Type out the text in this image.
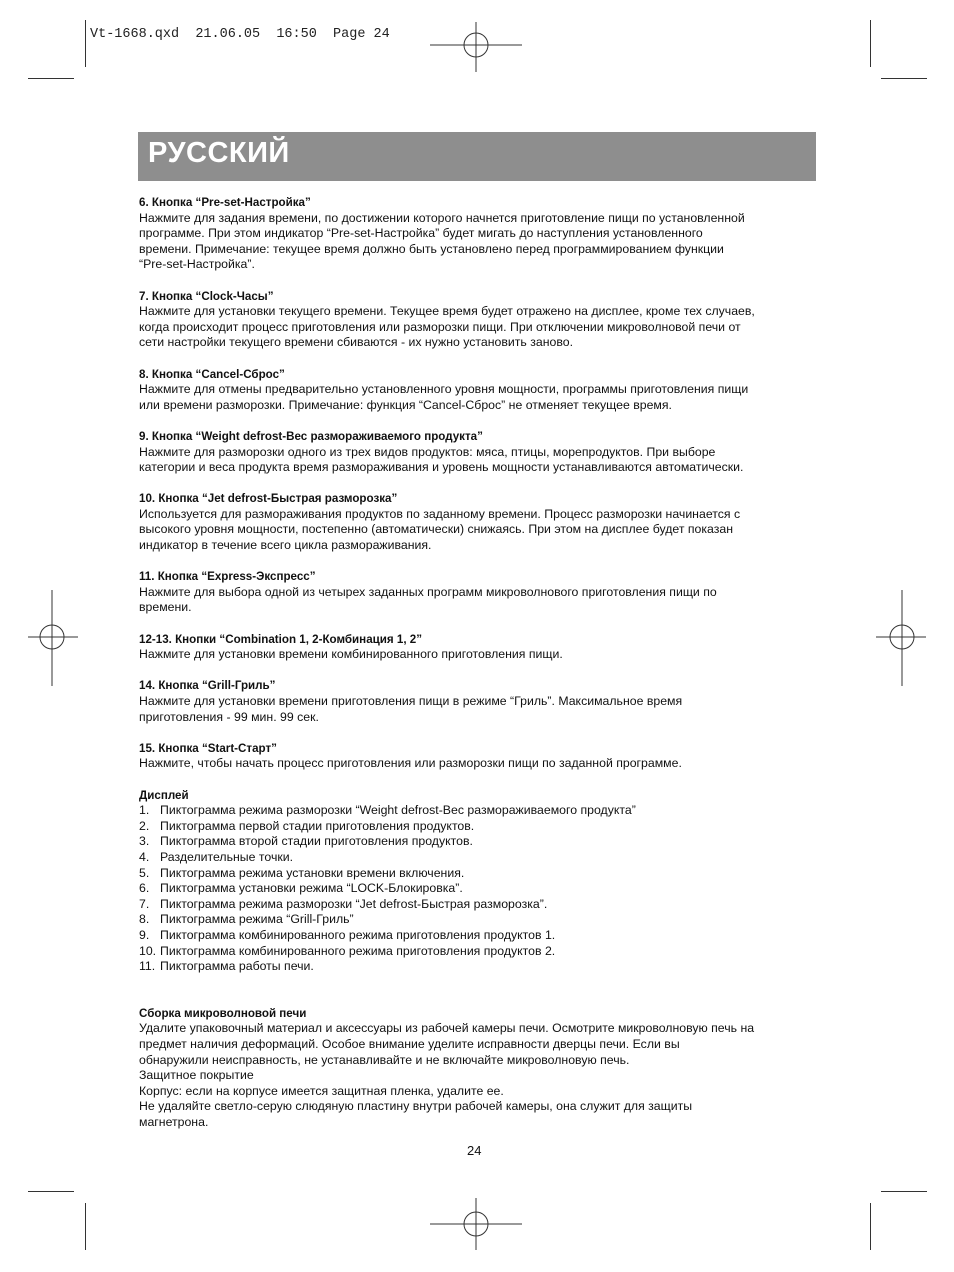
Vt-1668.qxd  21.06.05  16:50  Page 24
РУССКИЙ
6. Кнопка “Pre-set-Настройка”
Нажмите для задания времени, по достижении которого начнется приготовление пищи по установленной
программе. При этом индикатор “Pre-set-Настройка” будет мигать до наступления установленного
времени. Примечание: текущее время должно быть установлено перед программированием функции
“Pre-set-Настройка”.
7. Кнопка “Clock-Часы”
Нажмите для установки текущего времени. Текущее время будет отражено на дисплее, кроме тех случаев,
когда происходит процесс приготовления или разморозки пищи. При отключении микроволновой печи от
сети настройки текущего времени сбиваются - их нужно установить заново.
8. Кнопка “Cancel-Сброс”
Нажмите для отмены предварительно установленного уровня мощности, программы приготовления пищи
или времени разморозки. Примечание: функция “Cancel-Сброс” не отменяет текущее время.
9. Кнопка “Weight defrost-Вес размораживаемого продукта”
Нажмите для разморозки одного из трех видов продуктов: мяса, птицы, морепродуктов. При выборе
категории и веса продукта время размораживания и уровень мощности устанавливаются автоматически.
10. Кнопка “Jet defrost-Быстрая разморозка”
Используется для размораживания продуктов по заданному времени. Процесс разморозки начинается с
высокого уровня мощности, постепенно (автоматически) снижаясь. При этом на дисплее будет показан
индикатор в течение всего цикла размораживания.
11. Кнопка “Express-Экспресс”
Нажмите для выбора одной из четырех заданных программ микроволнового приготовления пищи по
времени.
12-13. Кнопки “Combination 1, 2-Комбинация 1, 2”
Нажмите для установки времени комбинированного приготовления пищи.
14. Кнопка “Grill-Гриль”
Нажмите для установки времени приготовления пищи в режиме “Гриль”. Максимальное время
приготовления - 99 мин. 99 сек.
15. Кнопка “Start-Старт”
Нажмите, чтобы начать процесс приготовления или разморозки пищи по заданной программе.
Дисплей
1. Пиктограмма режима разморозки “Weight defrost-Вес размораживаемого продукта”
2. Пиктограмма первой стадии приготовления продуктов.
3. Пиктограмма второй стадии приготовления продуктов.
4. Разделительные точки.
5. Пиктограмма режима установки времени включения.
6. Пиктограмма установки режима “LOCK-Блокировка”.
7. Пиктограмма режима разморозки “Jet defrost-Быстрая разморозка”.
8. Пиктограмма режима “Grill-Гриль”
9. Пиктограмма комбинированного режима приготовления продуктов 1.
10. Пиктограмма комбинированного режима приготовления продуктов 2.
11. Пиктограмма работы печи.
Сборка микроволновой печи
Удалите упаковочный материал и аксессуары из рабочей камеры печи. Осмотрите микроволновую печь на
предмет наличия деформаций. Особое внимание уделите исправности дверцы печи. Если вы
обнаружили неисправность, не устанавливайте и не включайте микроволновую печь.
Защитное покрытие
Корпус: если на корпусе имеется защитная пленка, удалите ее.
Не удаляйте светло-серую слюдяную пластину внутри рабочей камеры, она служит для защиты
магнетрона.
24
